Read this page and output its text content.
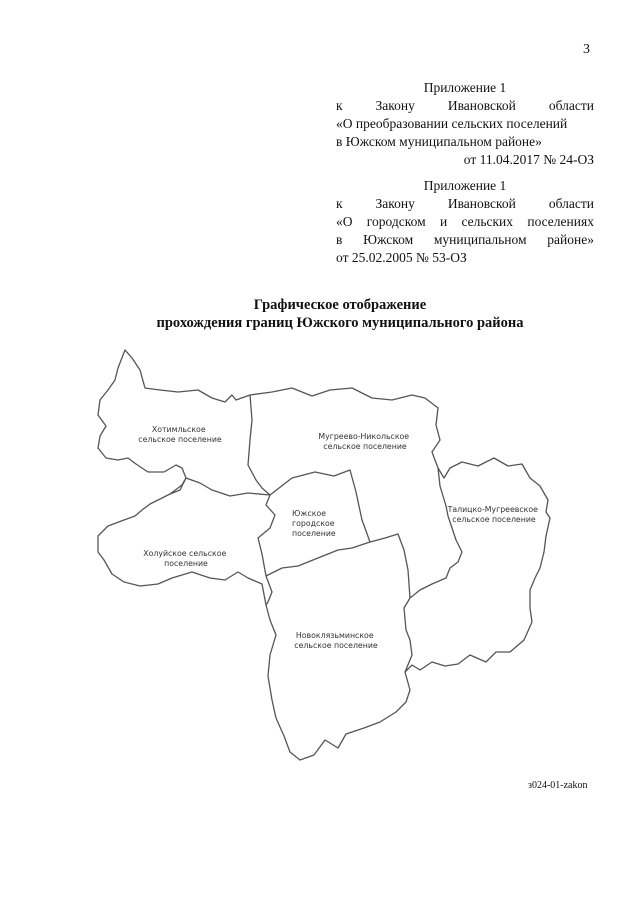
3
Приложение 1
к Закону Ивановской области
«О преобразовании сельских поселений
в Южском муниципальном районе»
от 11.04.2017 № 24-ОЗ
Приложение 1
к Закону Ивановской области
«О городском и сельских поселениях
в Южском муниципальном районе»
от 25.02.2005 № 53-ОЗ
Графическое отображение
прохождения границ Южского муниципального района
Хотимльское сельское поселение	Мугреево-Никольское сельское поселение
Южское городское поселение
Талицко-Мугреевское сельское поселение
Холуйское сельское поселение
Новоклязьминское сельское поселение
з024-01-zakon
